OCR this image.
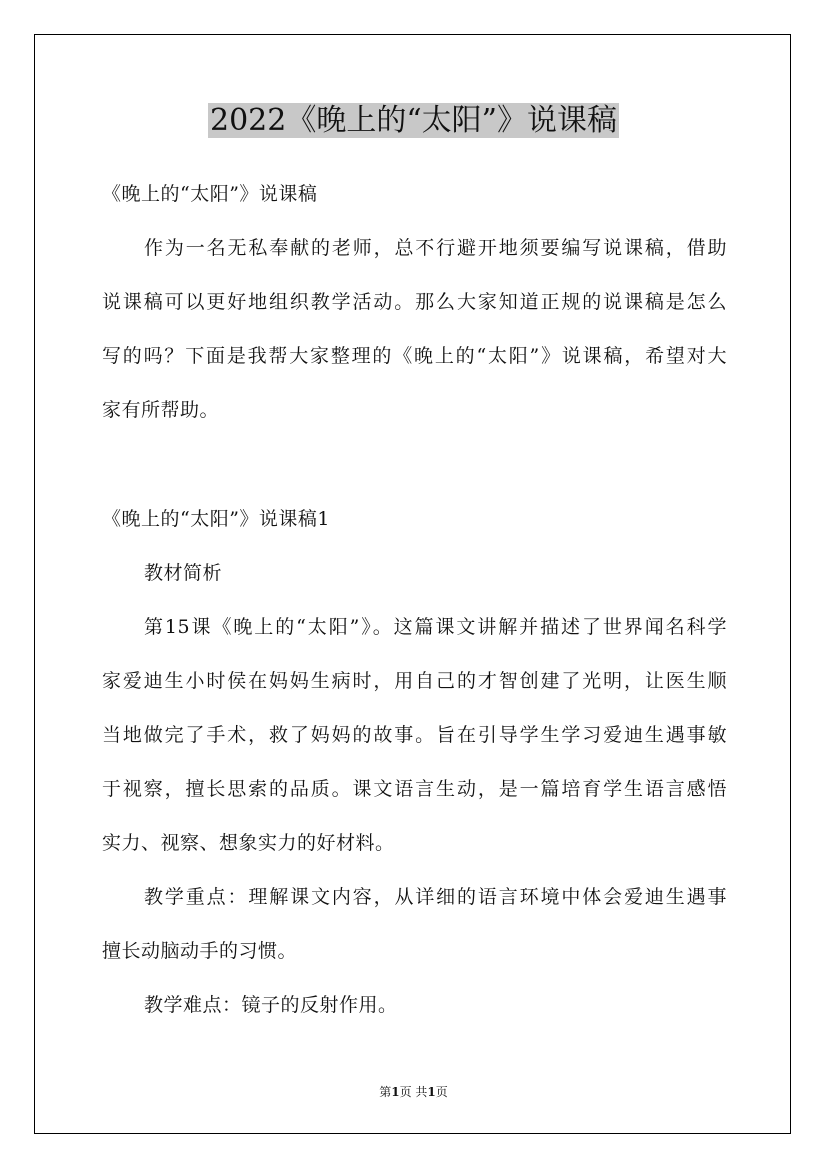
2022《晚上的“太阳”》说课稿
《晚上的“太阳”》说课稿
作为一名无私奉献的老师，总不行避开地须要编写说课稿，借助
说课稿可以更好地组织教学活动。那么大家知道正规的说课稿是怎么
写的吗？下面是我帮大家整理的《晚上的“太阳”》说课稿，希望对大
家有所帮助。
《晚上的“太阳”》说课稿1
教材简析
第15课《晚上的“太阳”》。这篇课文讲解并描述了世界闻名科学
家爱迪生小时侯在妈妈生病时，用自己的才智创建了光明，让医生顺
当地做完了手术，救了妈妈的故事。旨在引导学生学习爱迪生遇事敏
于视察，擅长思索的品质。课文语言生动，是一篇培育学生语言感悟
实力、视察、想象实力的好材料。
教学重点：理解课文内容，从详细的语言环境中体会爱迪生遇事
擅长动脑动手的习惯。
教学难点：镜子的反射作用。
第1页 共1页
